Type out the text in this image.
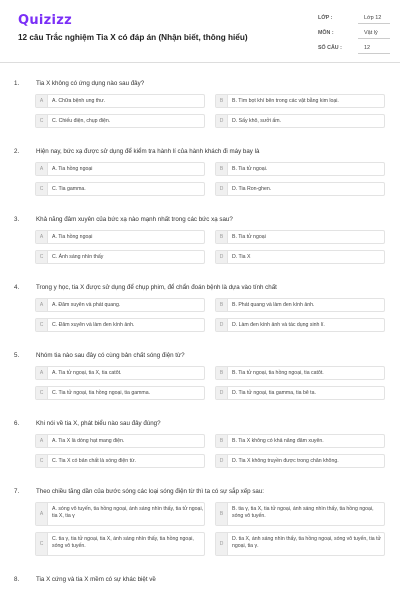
Quizizz
12 câu Trắc nghiệm Tia X có đáp án (Nhận biết, thông hiểu)
LỚP :	Lớp 12
MÔN :	Vật lý
SỐ CÂU :	12
1.	Tia X không có ứng dụng nào sau đây?
A	A. Chữa bệnh ung thư.	B	B. Tìm bọt khí bên trong các vật bằng kim loại.
C	C. Chiếu điện, chụp điện.	D	D. Sấy khô, sưởi ấm.
2.	Hiện nay, bức xạ được sử dụng để kiểm tra hành lí của hành khách đi máy bay là
A	A. Tia hồng ngoại	B	B. Tia tử ngoại.
C	C. Tia gamma.	D	D. Tia Ron-ghen.
3.	Khả năng đâm xuyên của bức xạ nào mạnh nhất trong các bức xạ sau?
A	A. Tia hồng ngoại	B	B. Tia tử ngoại
C	C. Ánh sáng nhìn thấy	D	D. Tia X
4.	Trong y học, tia X được sử dụng để chụp phim, để chẩn đoán bệnh là dựa vào tính chất
A	A. Đâm xuyên và phát quang.	B	B. Phát quang và làm đen kính ảnh.
C	C. Đâm xuyên và làm đen kính ảnh.	D	D. Làm đen kính ảnh và tác dụng sinh lí.
5.	Nhóm tia nào sau đây có cùng bản chất sóng điện từ?
A	A. Tia tử ngoại, tia X, tia catôt.	B	B. Tia tử ngoại, tia hồng ngoại, tia catôt.
C	C. Tia tử ngoại, tia hồng ngoại, tia gamma.	D	D. Tia tử ngoại, tia gamma, tia bê ta.
6.	Khi nói về tia X, phát biểu nào sau đây đúng?
A	A. Tia X là dòng hạt mang điện.	B	B. Tia X không có khả năng đâm xuyên.
C	C. Tia X có bản chất là sóng điện từ.	D	D. Tia X không truyền được trong chân không.
7.	Theo chiều tăng dần của bước sóng các loại sóng điện từ thì ta có sự sắp xếp sau:
A
A. sóng vô tuyến, tia hồng ngoại, ánh sáng nhìn thấy, tia tử ngoại, tia X, tia γ	B
B. tia γ, tia X, tia tử ngoại, ánh sáng nhìn thấy, tia hồng ngoại, sóng vô tuyến.
C
C. tia γ, tia tử ngoại, tia X, ánh sáng nhìn thấy, tia hồng ngoại, sóng vô tuyến.	D
D. tia X, ánh sáng nhìn thấy, tia hồng ngoại, sóng vô tuyến, tia tử ngoại, tia γ.
8.	Tia X cứng và tia X mềm có sự khác biệt về
